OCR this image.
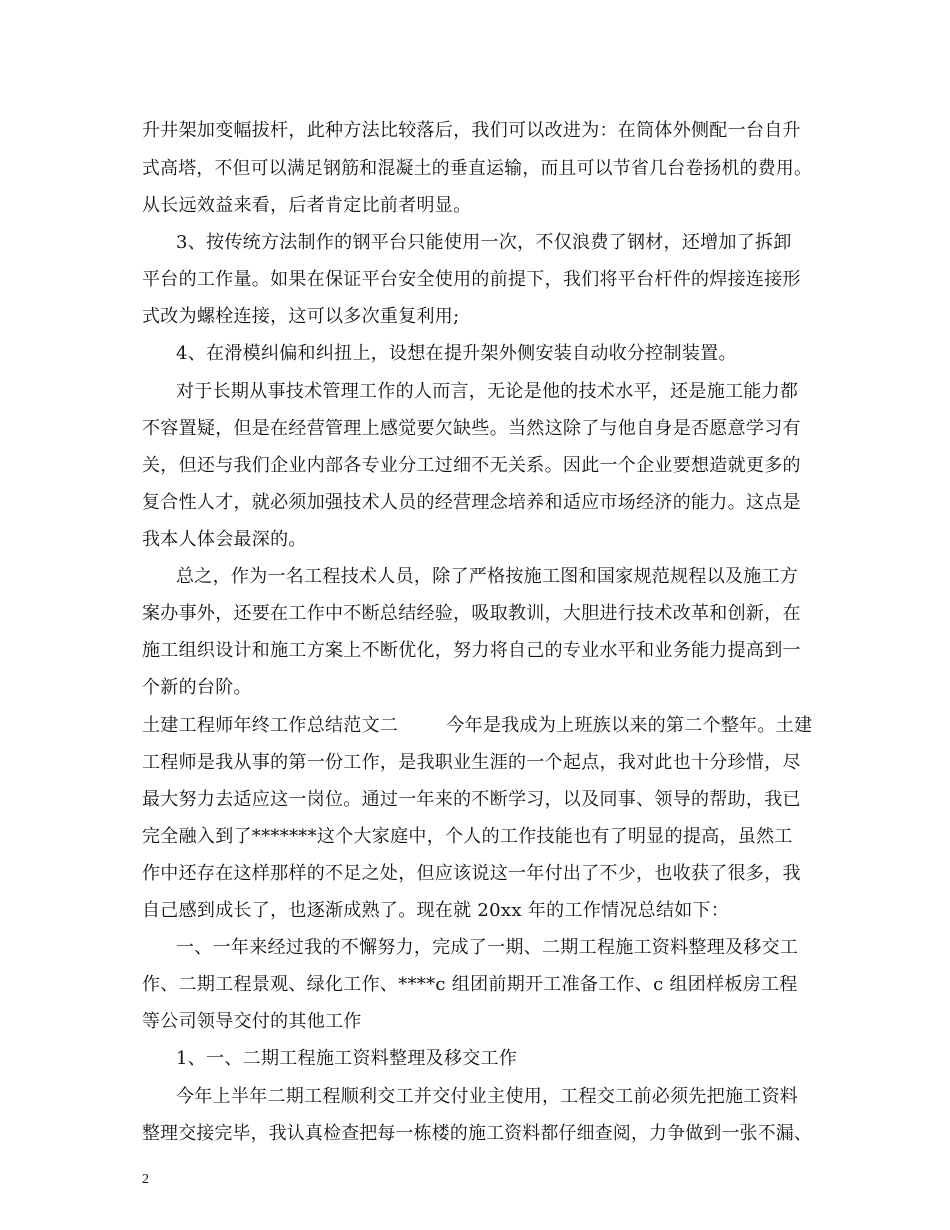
升井架加变幅拔杆，此种方法比较落后，我们可以改进为：在筒体外侧配一台自升
式高塔，不但可以满足钢筋和混凝土的垂直运输，而且可以节省几台卷扬机的费用。
从长远效益来看，后者肯定比前者明显。
3、按传统方法制作的钢平台只能使用一次，不仅浪费了钢材，还增加了拆卸
平台的工作量。如果在保证平台安全使用的前提下，我们将平台杆件的焊接连接形
式改为螺栓连接，这可以多次重复利用;
4、在滑模纠偏和纠扭上，设想在提升架外侧安装自动收分控制装置。
对于长期从事技术管理工作的人而言，无论是他的技术水平，还是施工能力都
不容置疑，但是在经营管理上感觉要欠缺些。当然这除了与他自身是否愿意学习有
关，但还与我们企业内部各专业分工过细不无关系。因此一个企业要想造就更多的
复合性人才，就必须加强技术人员的经营理念培养和适应市场经济的能力。这点是
我本人体会最深的。
总之，作为一名工程技术人员，除了严格按施工图和国家规范规程以及施工方
案办事外，还要在工作中不断总结经验，吸取教训，大胆进行技术改革和创新，在
施工组织设计和施工方案上不断优化，努力将自己的专业水平和业务能力提高到一
个新的台阶。
土建工程师年终工作总结范文二        今年是我成为上班族以来的第二个整年。土建
工程师是我从事的第一份工作，是我职业生涯的一个起点，我对此也十分珍惜，尽
最大努力去适应这一岗位。通过一年来的不断学习，以及同事、领导的帮助，我已
完全融入到了*******这个大家庭中，个人的工作技能也有了明显的提高，虽然工
作中还存在这样那样的不足之处，但应该说这一年付出了不少，也收获了很多，我
自己感到成长了，也逐渐成熟了。现在就 20xx 年的工作情况总结如下：
一、一年来经过我的不懈努力，完成了一期、二期工程施工资料整理及移交工
作、二期工程景观、绿化工作、****c 组团前期开工准备工作、c 组团样板房工程
等公司领导交付的其他工作
1、一、二期工程施工资料整理及移交工作
今年上半年二期工程顺利交工并交付业主使用，工程交工前必须先把施工资料
整理交接完毕，我认真检查把每一栋楼的施工资料都仔细查阅，力争做到一张不漏、
2
